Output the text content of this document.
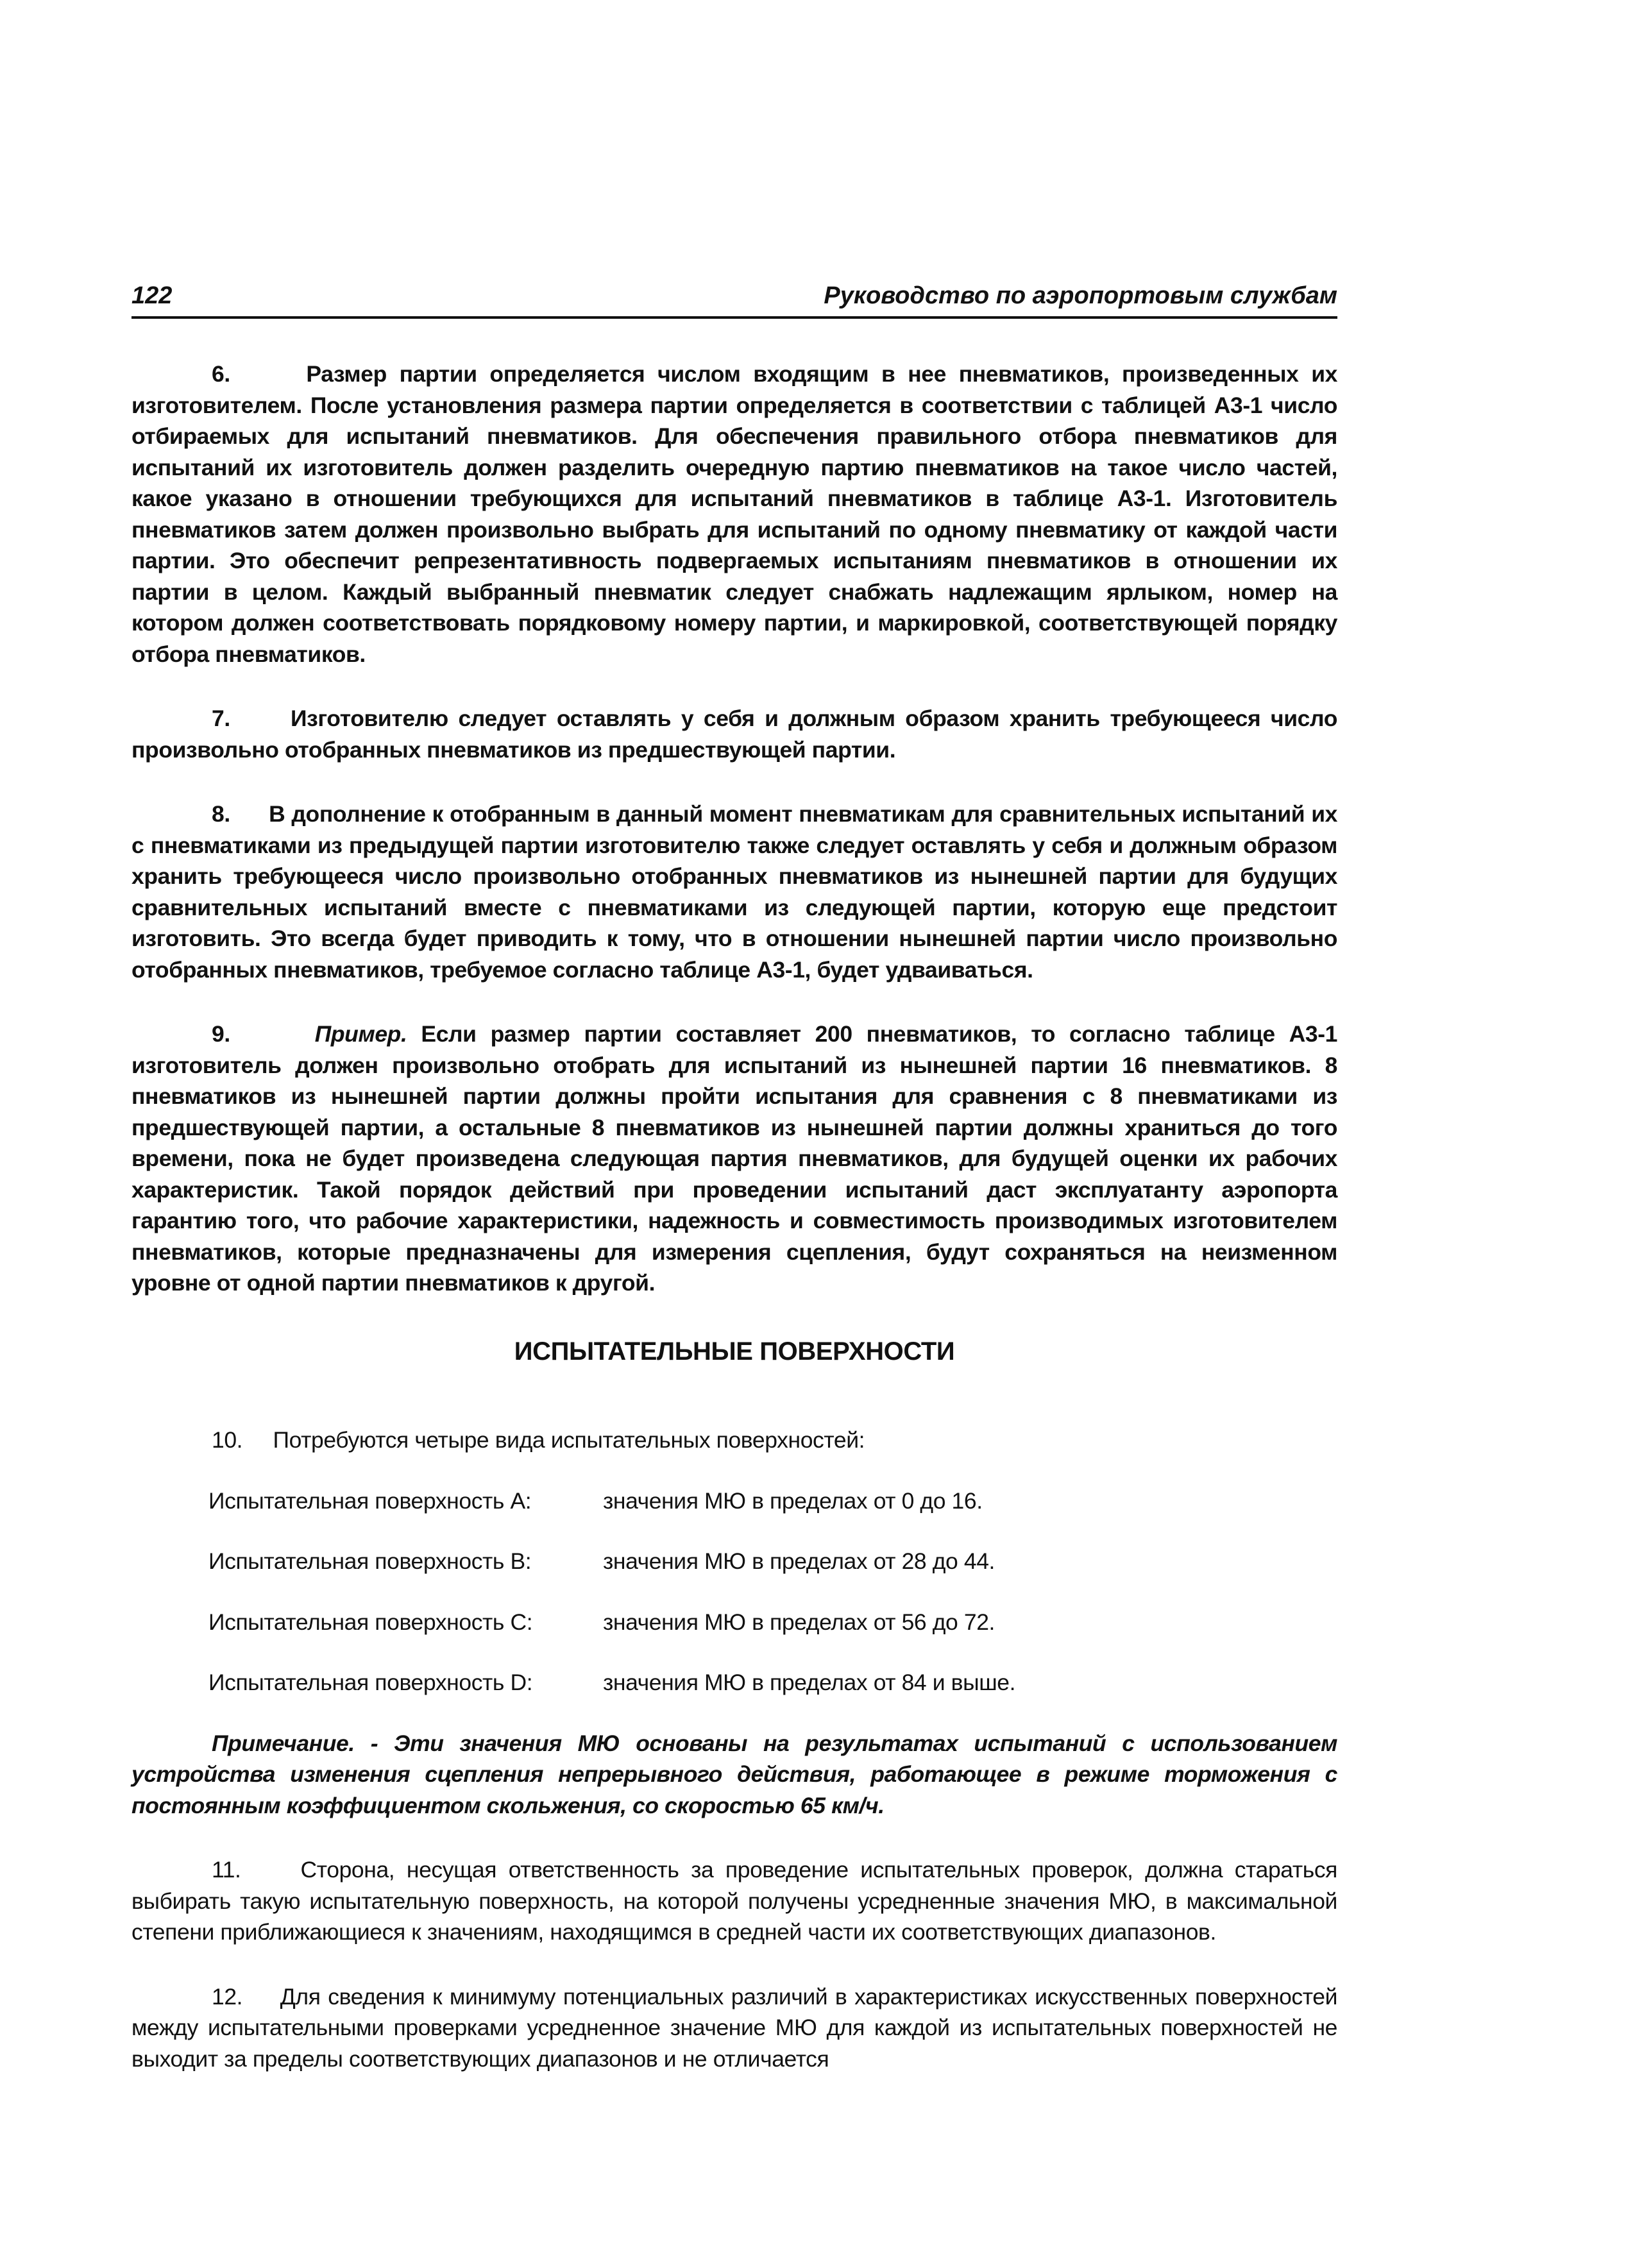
122	Руководство по аэропортовым службам

6.      Размер партии определяется числом входящим в нее пневматиков, произведенных их изготовителем. После установления размера партии определяется в соответствии с таблицей А3-1 число отбираемых для испытаний пневматиков. Для обеспечения правильного отбора пневматиков для испытаний их изготовитель должен разделить очередную партию пневматиков на такое число частей, какое указано в отношении требующихся для испытаний пневматиков в таблице А3-1. Изготовитель пневматиков затем должен произвольно выбрать для испытаний по одному пневматику от каждой части партии. Это обеспечит репрезентативность подвергаемых испытаниям пневматиков в отношении их партии в целом. Каждый выбранный пневматик следует снабжать надлежащим ярлыком, номер на котором должен соответствовать порядковому номеру партии, и маркировкой, соответствующей порядку отбора пневматиков.

7.      Изготовителю следует оставлять у себя и должным образом хранить требующееся число произвольно отобранных пневматиков из предшествующей партии.

8.      В дополнение к отобранным в данный момент пневматикам для сравнительных испытаний их с пневматиками из предыдущей партии изготовителю также следует оставлять у себя и должным образом хранить требующееся число произвольно отобранных пневматиков из нынешней партии для будущих сравнительных испытаний вместе с пневматиками из следующей партии, которую еще предстоит изготовить. Это всегда будет приводить к тому, что в отношении нынешней партии число произвольно отобранных пневматиков, требуемое согласно таблице А3-1, будет удваиваться.

9.      Пример. Если размер партии составляет 200 пневматиков, то согласно таблице А3-1 изготовитель должен произвольно отобрать для испытаний из нынешней партии 16 пневматиков. 8 пневматиков из нынешней партии должны пройти испытания для сравнения с 8 пневматиками из предшествующей партии, а остальные 8 пневматиков из нынешней партии должны храниться до того времени, пока не будет произведена следующая партия пневматиков, для будущей оценки их рабочих характеристик. Такой порядок действий при проведении испытаний даст эксплуатанту аэропорта гарантию того, что рабочие характеристики, надежность и совместимость производимых изготовителем пневматиков, которые предназначены для измерения сцепления, будут сохраняться на неизменном уровне от одной партии пневматиков к другой.

ИСПЫТАТЕЛЬНЫЕ ПОВЕРХНОСТИ

10.     Потребуются четыре вида испытательных поверхностей:

Испытательная поверхность А:	значения МЮ в пределах от 0 до 16.
Испытательная поверхность В:	значения МЮ в пределах от 28 до 44.
Испытательная поверхность С:	значения МЮ в пределах от 56 до 72.
Испытательная поверхность D:	значения МЮ в пределах от 84 и выше.

Примечание. - Эти значения МЮ основаны на результатах испытаний с использованием устройства изменения сцепления непрерывного действия, работающее в режиме торможения с постоянным коэффициентом скольжения, со скоростью 65 км/ч.

11.     Сторона, несущая ответственность за проведение испытательных проверок, должна стараться выбирать такую испытательную поверхность, на которой получены усредненные значения МЮ, в максимальной степени приближающиеся к значениям, находящимся в средней части их соответствующих диапазонов.

12.     Для сведения к минимуму потенциальных различий в характеристиках искусственных поверхностей между испытательными проверками усредненное значение МЮ для каждой из испытательных поверхностей не выходит за пределы соответствующих диапазонов и не отличается
